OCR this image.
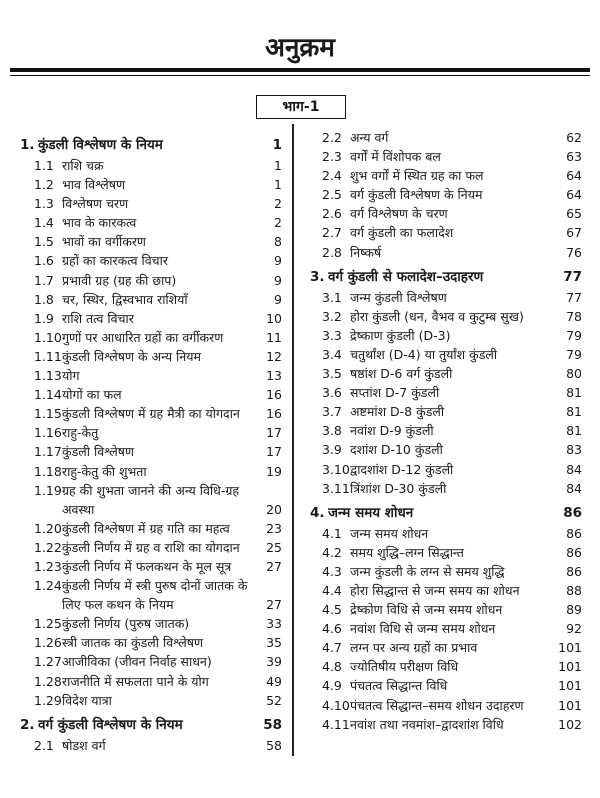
अनुक्रम
भाग-1
1. कुंडली विश्लेषण के नियम	1
1.1 राशि चक्र	1
1.2 भाव विश्लेषण	1
1.3 विश्लेषण चरण	2
1.4 भाव के कारकत्व	2
1.5 भावों का वर्गीकरण	8
1.6 ग्रहों का कारकत्व विचार	9
1.7 प्रभावी ग्रह (ग्रह की छाप)	9
1.8 चर, स्थिर, द्विस्वभाव राशियाँ	9
1.9 राशि तत्व विचार	10
1.10 गुणों पर आधारित ग्रहों का वर्गीकरण	11
1.11 कुंडली विश्लेषण के अन्य नियम	12
1.13 योग	13
1.14 योगों का फल	16
1.15 कुंडली विश्लेषण में ग्रह मैत्री का योगदान	16
1.16 राहु-केतु	17
1.17 कुंडली विश्लेषण	17
1.18 राहु-केतु की शुभता	19
1.19 ग्रह की शुभता जानने की अन्य विधि-ग्रह
अवस्था	20
1.20 कुंडली विश्लेषण में ग्रह गति का महत्व	23
1.22 कुंडली निर्णय में ग्रह व राशि का योगदान	25
1.23 कुंडली निर्णय में फलकथन के मूल सूत्र	27
1.24 कुंडली निर्णय में स्त्री पुरुष दोनों जातक के
लिए फल कथन के नियम	27
1.25 कुंडली निर्णय (पुरुष जातक)	33
1.26 स्त्री जातक का कुंडली विश्लेषण	35
1.27 आजीविका (जीवन निर्वाह साधन)	39
1.28 राजनीति में सफलता पाने के योग	49
1.29 विदेश यात्रा	52
2. वर्ग कुंडली विश्लेषण के नियम	58
2.1 षोडश वर्ग	58
2.2 अन्य वर्ग	62
2.3 वर्गों में विंशोपक बल	63
2.4 शुभ वर्गों में स्थित ग्रह का फल	64
2.5 वर्ग कुंडली विश्लेषण के नियम	64
2.6 वर्ग विश्लेषण के चरण	65
2.7 वर्ग कुंडली का फलादेश	67
2.8 निष्कर्ष	76
3. वर्ग कुंडली से फलादेश–उदाहरण	77
3.1 जन्म कुंडली विश्लेषण	77
3.2 होरा कुंडली (धन, वैभव व कुटुम्ब सुख)	78
3.3 द्रेष्काण कुंडली (D-3)	79
3.4 चतुर्थांश (D-4) या तुर्यांश कुंडली	79
3.5 षष्ठांश D-6 वर्ग कुंडली	80
3.6 सप्तांश D-7 कुंडली	81
3.7 अष्टमांश D-8 कुंडली	81
3.8 नवांश D-9 कुंडली	81
3.9 दशांश D-10 कुंडली	83
3.10 द्वादशांश D-12 कुंडली	84
3.11 त्रिंशांश D-30 कुंडली	84
4. जन्म समय शोधन	86
4.1 जन्म समय शोधन	86
4.2 समय शुद्धि–लग्न सिद्धान्त	86
4.3 जन्म कुंडली के लग्न से समय शुद्धि	86
4.4 होरा सिद्धान्त से जन्म समय का शोधन	88
4.5 द्रेष्कोण विधि से जन्म समय शोधन	89
4.6 नवांश विधि से जन्म समय शोधन	92
4.7 लग्न पर अन्य ग्रहों का प्रभाव	101
4.8 ज्योतिषीय परीक्षण विधि	101
4.9 पंचतत्व सिद्धान्त विधि	101
4.10 पंचतत्व सिद्धान्त–समय शोधन उदाहरण	101
4.11 नवांश तथा नवमांश–द्वादशांश विधि	102
